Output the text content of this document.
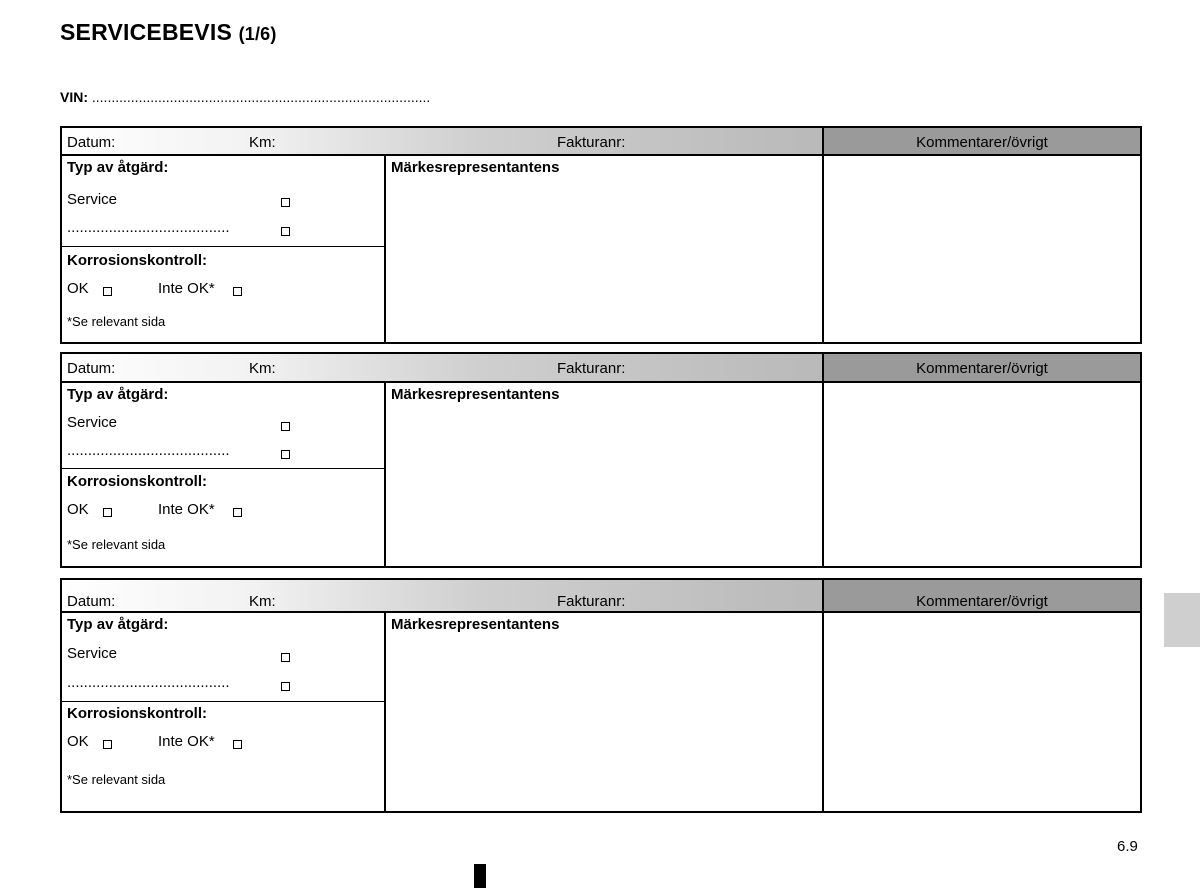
SERVICEBEVIS (1/6)
VIN: .......................................................................................
Datum:	Km:	Fakturanr:	Kommentarer/övrigt
Typ av åtgärd:
Service
.......................................
Korrosionskontroll:
OK	Inte OK*
*Se relevant sida
Märkesrepresentantens
Datum:	Km:	Fakturanr:	Kommentarer/övrigt
Typ av åtgärd:
Service
.......................................
Korrosionskontroll:
OK	Inte OK*
*Se relevant sida
Märkesrepresentantens
Datum:	Km:	Fakturanr:	Kommentarer/övrigt
Typ av åtgärd:
Service
.......................................
Korrosionskontroll:
OK	Inte OK*
*Se relevant sida
Märkesrepresentantens
6.9
